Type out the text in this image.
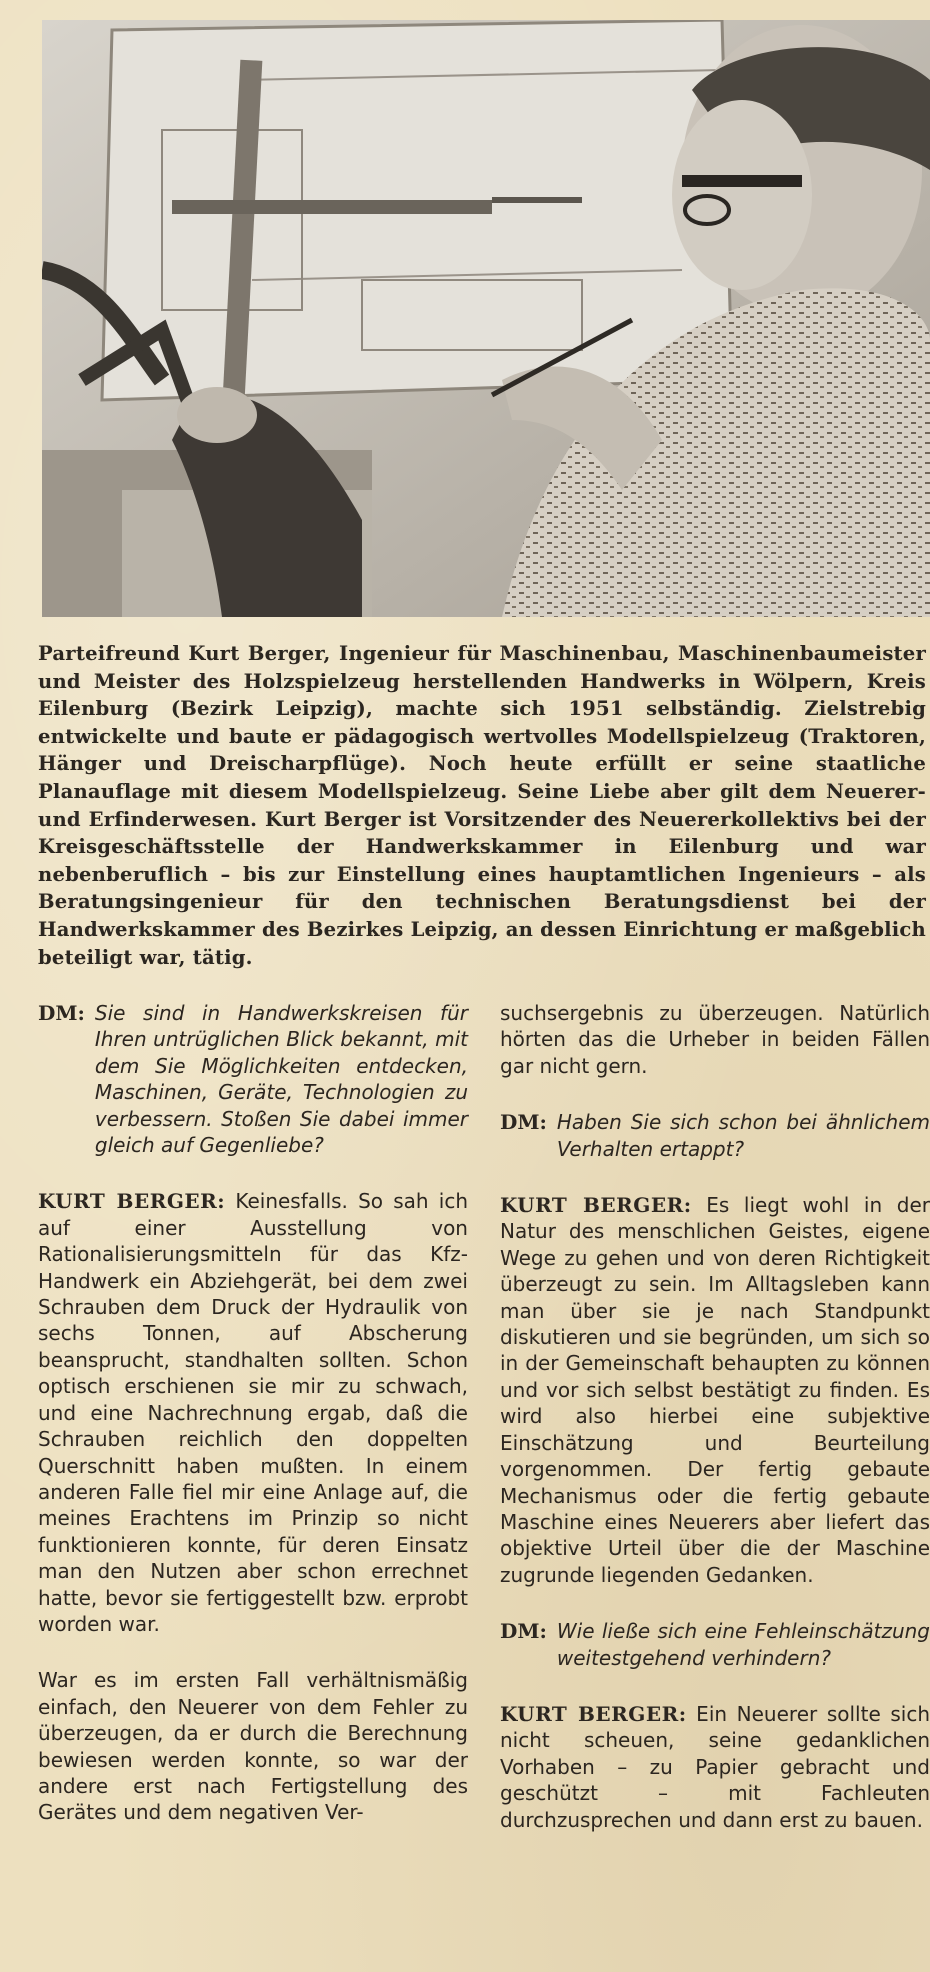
Parteifreund Kurt Berger, Ingenieur für Maschinenbau, Maschinenbaumeister und Meister des Holzspielzeug herstellenden Handwerks in Wölpern, Kreis Eilenburg (Bezirk Leipzig), machte sich 1951 selbständig. Zielstrebig entwickelte und baute er pädagogisch wertvolles Modellspielzeug (Traktoren, Hänger und Dreischarpflüge). Noch heute erfüllt er seine staatliche Planauflage mit diesem Modellspielzeug. Seine Liebe aber gilt dem Neuerer- und Erfinderwesen. Kurt Berger ist Vorsitzender des Neuererkollektivs bei der Kreisgeschäftsstelle der Handwerkskammer in Eilenburg und war nebenberuflich – bis zur Einstellung eines hauptamtlichen Ingenieurs – als Beratungsingenieur für den technischen Beratungsdienst bei der Handwerkskammer des Bezirkes Leipzig, an dessen Einrichtung er maßgeblich beteiligt war, tätig.
DM: Sie sind in Handwerkskreisen für Ihren untrüglichen Blick bekannt, mit dem Sie Möglichkeiten entdecken, Maschinen, Geräte, Technologien zu verbessern. Stoßen Sie dabei immer gleich auf Gegenliebe?
KURT BERGER: Keinesfalls. So sah ich auf einer Ausstellung von Rationalisierungsmitteln für das Kfz-Handwerk ein Abziehgerät, bei dem zwei Schrauben dem Druck der Hydraulik von sechs Tonnen, auf Abscherung beansprucht, standhalten sollten. Schon optisch erschienen sie mir zu schwach, und eine Nachrechnung ergab, daß die Schrauben reichlich den doppelten Querschnitt haben mußten. In einem anderen Falle fiel mir eine Anlage auf, die meines Erachtens im Prinzip so nicht funktionieren konnte, für deren Einsatz man den Nutzen aber schon errechnet hatte, bevor sie fertiggestellt bzw. erprobt worden war.
War es im ersten Fall verhältnismäßig einfach, den Neuerer von dem Fehler zu überzeugen, da er durch die Berechnung bewiesen werden konnte, so war der andere erst nach Fertigstellung des Gerätes und dem negativen Ver-
suchsergebnis zu überzeugen. Natürlich hörten das die Urheber in beiden Fällen gar nicht gern.
DM: Haben Sie sich schon bei ähnlichem Verhalten ertappt?
KURT BERGER: Es liegt wohl in der Natur des menschlichen Geistes, eigene Wege zu gehen und von deren Richtigkeit überzeugt zu sein. Im Alltagsleben kann man über sie je nach Standpunkt diskutieren und sie begründen, um sich so in der Gemeinschaft behaupten zu können und vor sich selbst bestätigt zu finden. Es wird also hierbei eine subjektive Einschätzung und Beurteilung vorgenommen. Der fertig gebaute Mechanismus oder die fertig gebaute Maschine eines Neuerers aber liefert das objektive Urteil über die der Maschine zugrunde liegenden Gedanken.
DM: Wie ließe sich eine Fehleinschätzung weitestgehend verhindern?
KURT BERGER: Ein Neuerer sollte sich nicht scheuen, seine gedanklichen Vorhaben – zu Papier gebracht und geschützt – mit Fachleuten durchzusprechen und dann erst zu bauen.
